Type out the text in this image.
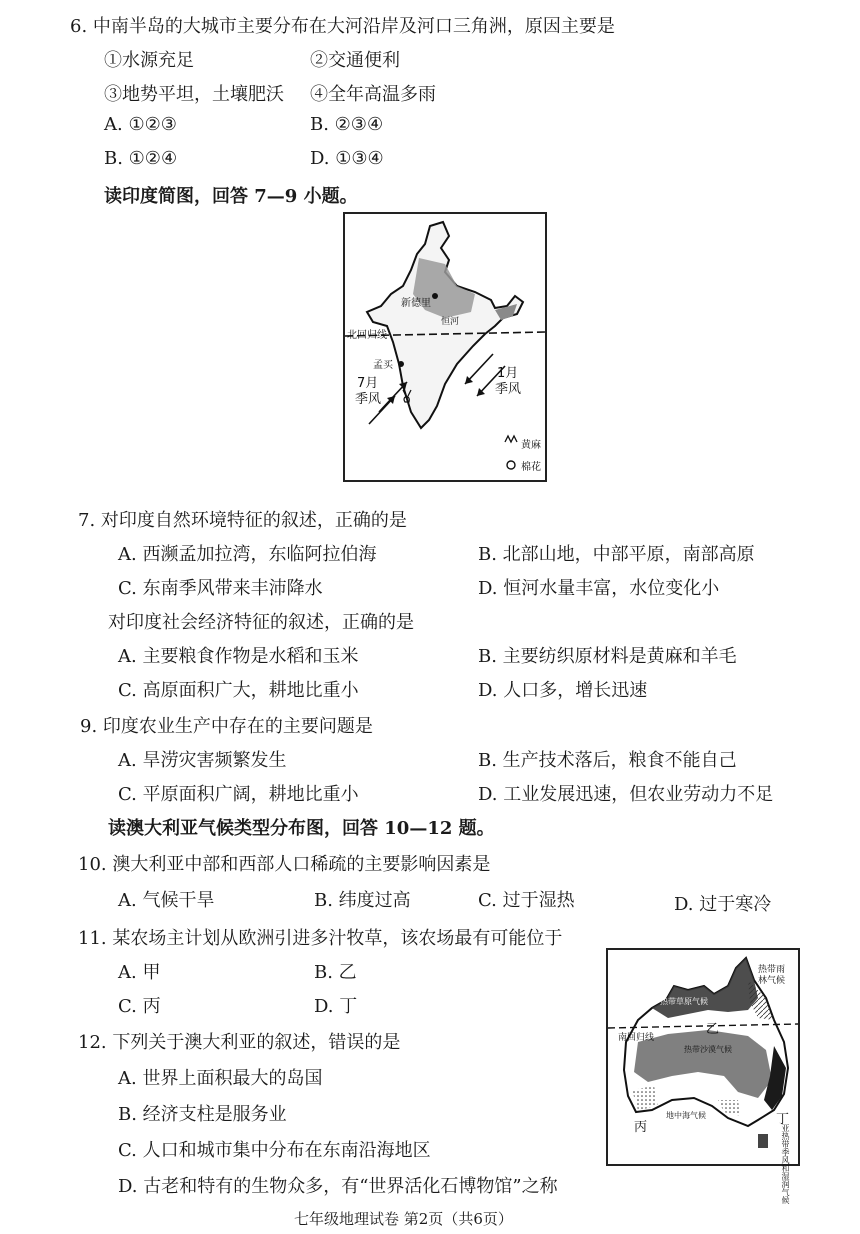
6. 中南半岛的大城市主要分布在大河沿岸及河口三角洲，原因主要是
①水源充足	②交通便利
③地势平坦，土壤肥沃 ④全年高温多雨
A. ①②③	B. ②③④
B. ①②④	D. ①③④
读印度简图，回答 7—9 小题。
新德里
北回归线
恒河
孟买
7月
季风
1月
季风
黄麻
棉花
7. 对印度自然环境特征的叙述，正确的是
A. 西濒孟加拉湾，东临阿拉伯海	B. 北部山地，中部平原，南部高原
C. 东南季风带来丰沛降水	D. 恒河水量丰富，水位变化小
对印度社会经济特征的叙述，正确的是
A. 主要粮食作物是水稻和玉米	B. 主要纺织原材料是黄麻和羊毛
C. 高原面积广大，耕地比重小	D. 人口多，增长迅速
9. 印度农业生产中存在的主要问题是
A. 旱涝灾害频繁发生	B. 生产技术落后，粮食不能自己
C. 平原面积广阔，耕地比重小	D. 工业发展迅速，但农业劳动力不足
读澳大利亚气候类型分布图，回答 10—12 题。
10. 澳大利亚中部和西部人口稀疏的主要影响因素是
A. 气候干旱	B. 纬度过高	C. 过于湿热	D. 过于寒冷
11. 某农场主计划从欧洲引进多汁牧草，该农场最有可能位于
A. 甲	B. 乙
C. 丙	D. 丁
12. 下列关于澳大利亚的叙述，错误的是
A. 世界上面积最大的岛国
B. 经济支柱是服务业
C. 人口和城市集中分布在东南沿海地区
D. 古老和特有的生物众多，有“世界活化石博物馆”之称
甲
乙
丙
丁
南回归线
热带雨
林气候
热带草原气候
热带沙漠气候
地中海气候
亚热带季风和湿润气候
七年级地理试卷 第2页（共6页）
